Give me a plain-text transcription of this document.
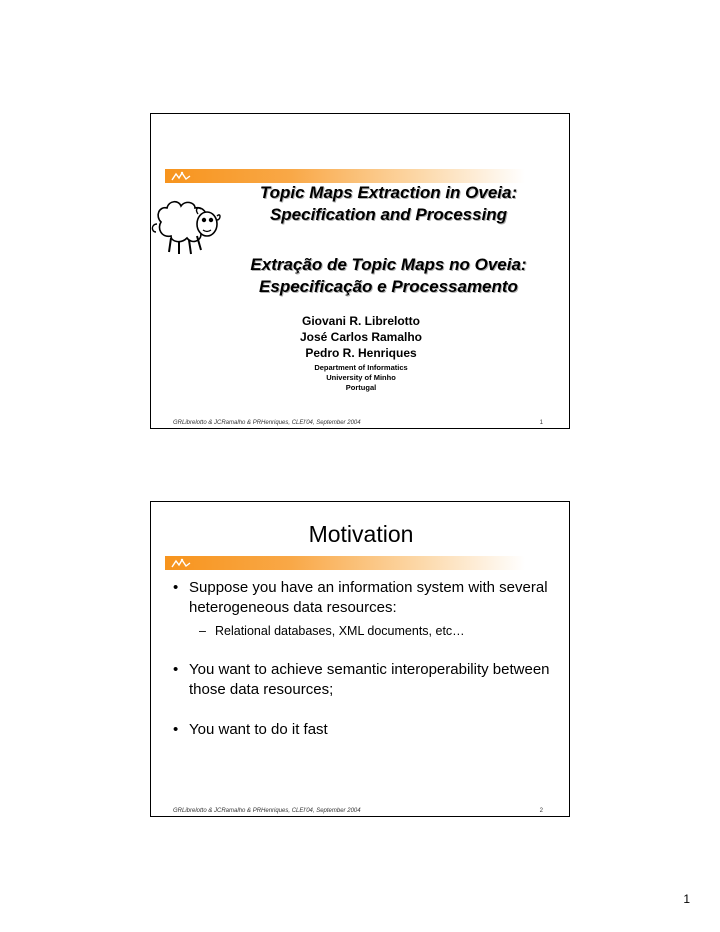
Topic Maps Extraction in Oveia:
Specification and Processing
Extração de Topic Maps no Oveia:
Especificação e Processamento
Giovani R. Librelotto
José Carlos Ramalho
Pedro R. Henriques
Department of Informatics
University of Minho
Portugal
GRLibrelotto & JCRamalho & PRHenriques, CLEI'04, September 2004	1
Motivation

• Suppose you have an information system with several heterogeneous data resources:

– Relational databases, XML documents, etc…

• You want to achieve semantic interoperability between those data resources;

• You want to do it fast

GRLibrelotto & JCRamalho & PRHenriques, CLEI'04, September 2004	2
1
